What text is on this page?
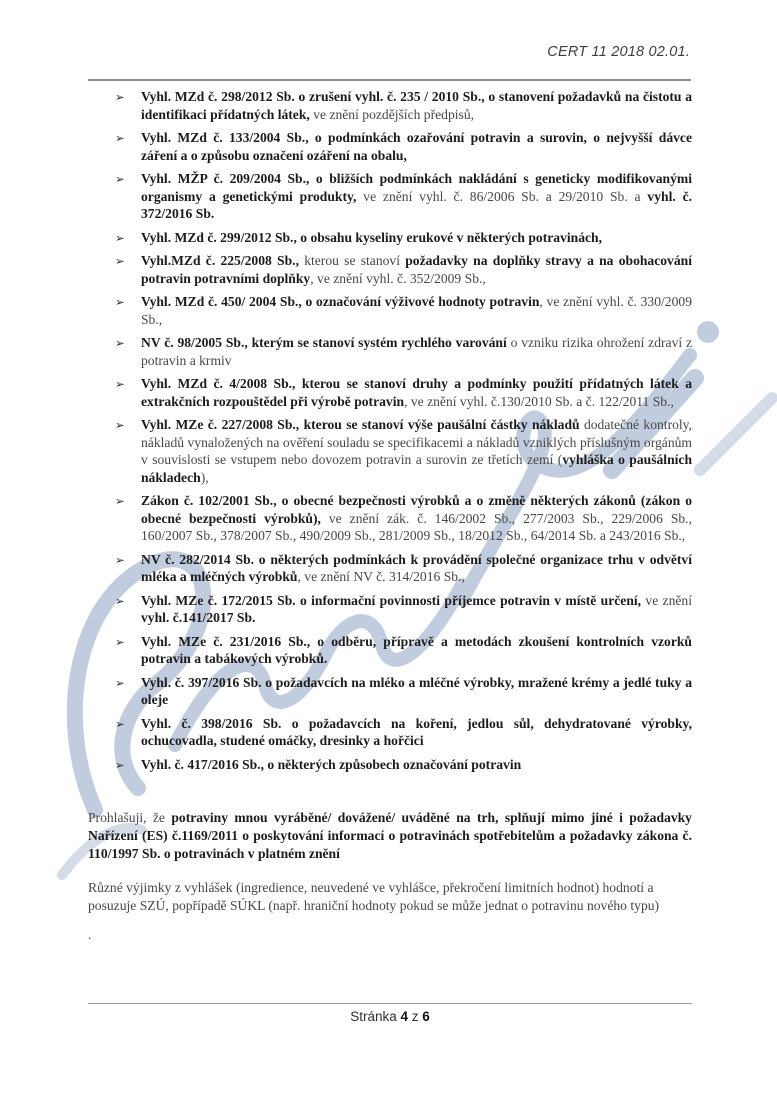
CERT 11 2018 02.01.
➢	Vyhl. MZd č. 298/2012 Sb. o zrušení vyhl. č. 235 / 2010 Sb., o stanovení požadavků na čistotu a identifikaci přídatných látek, ve znění pozdějších předpisů,
➢	Vyhl. MZd č. 133/2004 Sb., o podmínkách ozařování potravin a surovin, o nejvyšší dávce záření a o způsobu označení ozáření na obalu,
➢	Vyhl. MŽP č. 209/2004 Sb., o bližších podmínkách nakládání s geneticky modifikovanými organismy a genetickými produkty, ve znění vyhl. č. 86/2006 Sb. a 29/2010 Sb. a vyhl. č. 372/2016 Sb.
➢	Vyhl. MZd č. 299/2012 Sb., o obsahu kyseliny erukové v některých potravinách,
➢	Vyhl.MZd č. 225/2008 Sb., kterou se stanoví požadavky na doplňky stravy a na obohacování potravin potravními doplňky, ve znění vyhl. č. 352/2009 Sb.,
➢	Vyhl. MZd č. 450/ 2004 Sb., o označování výživové hodnoty potravin, ve znění vyhl. č. 330/2009 Sb.,
➢	NV č. 98/2005 Sb., kterým se stanoví systém rychlého varování o vzniku rizika ohrožení zdraví z potravin a krmiv
➢	Vyhl. MZd č. 4/2008 Sb., kterou se stanoví druhy a podmínky použití přídatných látek a extrakčních rozpouštědel při výrobě potravin, ve znění vyhl. č.130/2010 Sb. a č. 122/2011 Sb.,
➢	Vyhl. MZe č. 227/2008 Sb., kterou se stanoví výše paušální částky nákladů dodatečné kontroly, nákladů vynaložených na ověření souladu se specifikacemi a nákladů vzniklých příslušným orgánům v souvislosti se vstupem nebo dovozem potravin a surovin ze třetích zemí (vyhláška o paušálních nákladech),
➢	Zákon č. 102/2001 Sb., o obecné bezpečnosti výrobků a o změně některých zákonů (zákon o obecné bezpečnosti výrobků), ve znění zák. č. 146/2002 Sb., 277/2003 Sb., 229/2006 Sb., 160/2007 Sb., 378/2007 Sb., 490/2009 Sb., 281/2009 Sb., 18/2012 Sb., 64/2014 Sb. a 243/2016 Sb.,
➢	NV č. 282/2014 Sb. o některých podmínkách k provádění společné organizace trhu v odvětví mléka a mléčných výrobků, ve znění NV č. 314/2016 Sb.,
➢	Vyhl. MZe č. 172/2015 Sb. o informační povinnosti příjemce potravin v místě určení, ve znění vyhl. č.141/2017 Sb.
➢	Vyhl. MZe č. 231/2016 Sb., o odběru, přípravě a metodách zkoušení kontrolních vzorků potravin a tabákových výrobků.
➢	Vyhl. č. 397/2016 Sb. o požadavcích na mléko a mléčné výrobky, mražené krémy a jedlé tuky a oleje
➢	Vyhl. č. 398/2016 Sb. o požadavcích na koření, jedlou sůl, dehydratované výrobky, ochucovadla, studené omáčky, dresinky a hořčici
➢	Vyhl. č. 417/2016 Sb., o některých způsobech označování potravin
Prohlašuji, že potraviny mnou vyráběné/ dovážené/ uváděné na trh, splňují mimo jiné i požadavky Nařízení (ES) č.1169/2011 o poskytování informací o potravinách spotřebitelům a požadavky zákona č. 110/1997 Sb. o potravinách v platném znění
Různé výjimky z vyhlášek (ingredience, neuvedené ve vyhlášce, překročení limitních hodnot) hodnotí a posuzuje SZÚ, popřípadě SÚKL (např. hraniční hodnoty pokud se může jednat o potravinu nového typu)
.
Stránka 4 z 6
